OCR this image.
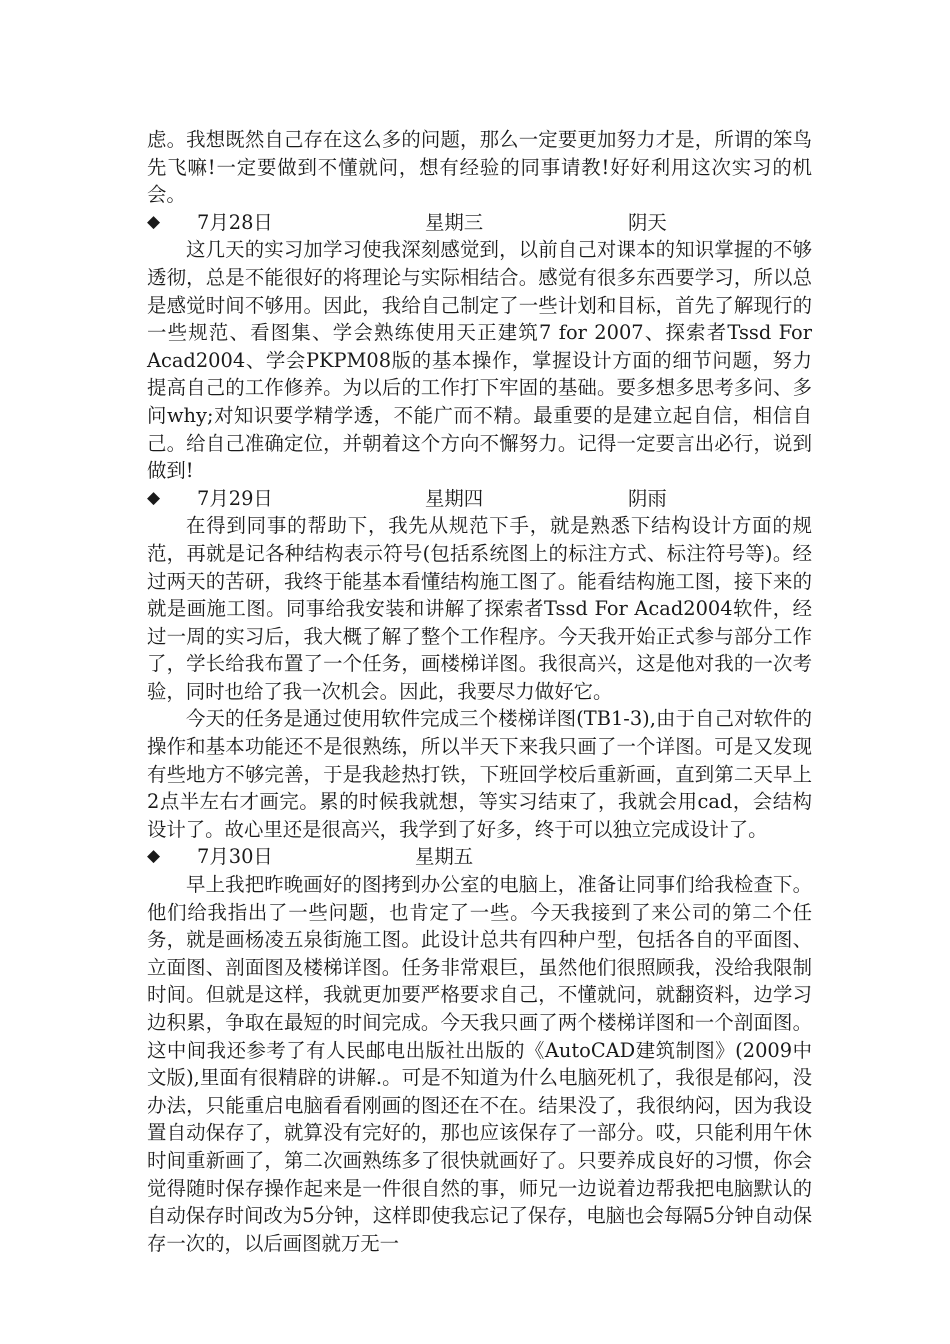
虑。我想既然自己存在这么多的问题，那么一定要更加努力才是，所谓的笨鸟先飞嘛!一定要做到不懂就问，想有经验的同事请教!好好利用这次实习的机会。

◆ 7月28日	星期三	阴天

这几天的实习加学习使我深刻感觉到，以前自己对课本的知识掌握的不够透彻，总是不能很好的将理论与实际相结合。感觉有很多东西要学习，所以总是感觉时间不够用。因此，我给自己制定了一些计划和目标，首先了解现行的一些规范、看图集、学会熟练使用天正建筑7 for 2007、探索者Tssd For Acad2004、学会PKPM08版的基本操作，掌握设计方面的细节问题，努力提高自己的工作修养。为以后的工作打下牢固的基础。要多想多思考多问、多问why;对知识要学精学透，不能广而不精。最重要的是建立起自信，相信自己。给自己准确定位，并朝着这个方向不懈努力。记得一定要言出必行，说到做到!

◆ 7月29日	星期四	阴雨

在得到同事的帮助下，我先从规范下手，就是熟悉下结构设计方面的规范，再就是记各种结构表示符号(包括系统图上的标注方式、标注符号等)。经过两天的苦研，我终于能基本看懂结构施工图了。能看结构施工图，接下来的就是画施工图。同事给我安装和讲解了探索者Tssd For Acad2004软件，经过一周的实习后，我大概了解了整个工作程序。今天我开始正式参与部分工作了，学长给我布置了一个任务，画楼梯详图。我很高兴，这是他对我的一次考验，同时也给了我一次机会。因此，我要尽力做好它。

今天的任务是通过使用软件完成三个楼梯详图(TB1-3),由于自己对软件的操作和基本功能还不是很熟练，所以半天下来我只画了一个详图。可是又发现有些地方不够完善，于是我趁热打铁，下班回学校后重新画，直到第二天早上2点半左右才画完。累的时候我就想，等实习结束了，我就会用cad，会结构设计了。故心里还是很高兴，我学到了好多，终于可以独立完成设计了。

◆ 7月30日	星期五

早上我把昨晚画好的图拷到办公室的电脑上，准备让同事们给我检查下。他们给我指出了一些问题，也肯定了一些。今天我接到了来公司的第二个任务，就是画杨凌五泉街施工图。此设计总共有四种户型，包括各自的平面图、立面图、剖面图及楼梯详图。任务非常艰巨，虽然他们很照顾我，没给我限制时间。但就是这样，我就更加要严格要求自己，不懂就问，就翻资料，边学习边积累，争取在最短的时间完成。今天我只画了两个楼梯详图和一个剖面图。这中间我还参考了有人民邮电出版社出版的《AutoCAD建筑制图》(2009中文版),里面有很精辟的讲解.。可是不知道为什么电脑死机了，我很是郁闷，没办法，只能重启电脑看看刚画的图还在不在。结果没了，我很纳闷，因为我设置自动保存了，就算没有完好的，那也应该保存了一部分。哎，只能利用午休时间重新画了，第二次画熟练多了很快就画好了。只要养成良好的习惯，你会觉得随时保存操作起来是一件很自然的事，师兄一边说着边帮我把电脑默认的自动保存时间改为5分钟，这样即使我忘记了保存，电脑也会每隔5分钟自动保存一次的，以后画图就万无一
